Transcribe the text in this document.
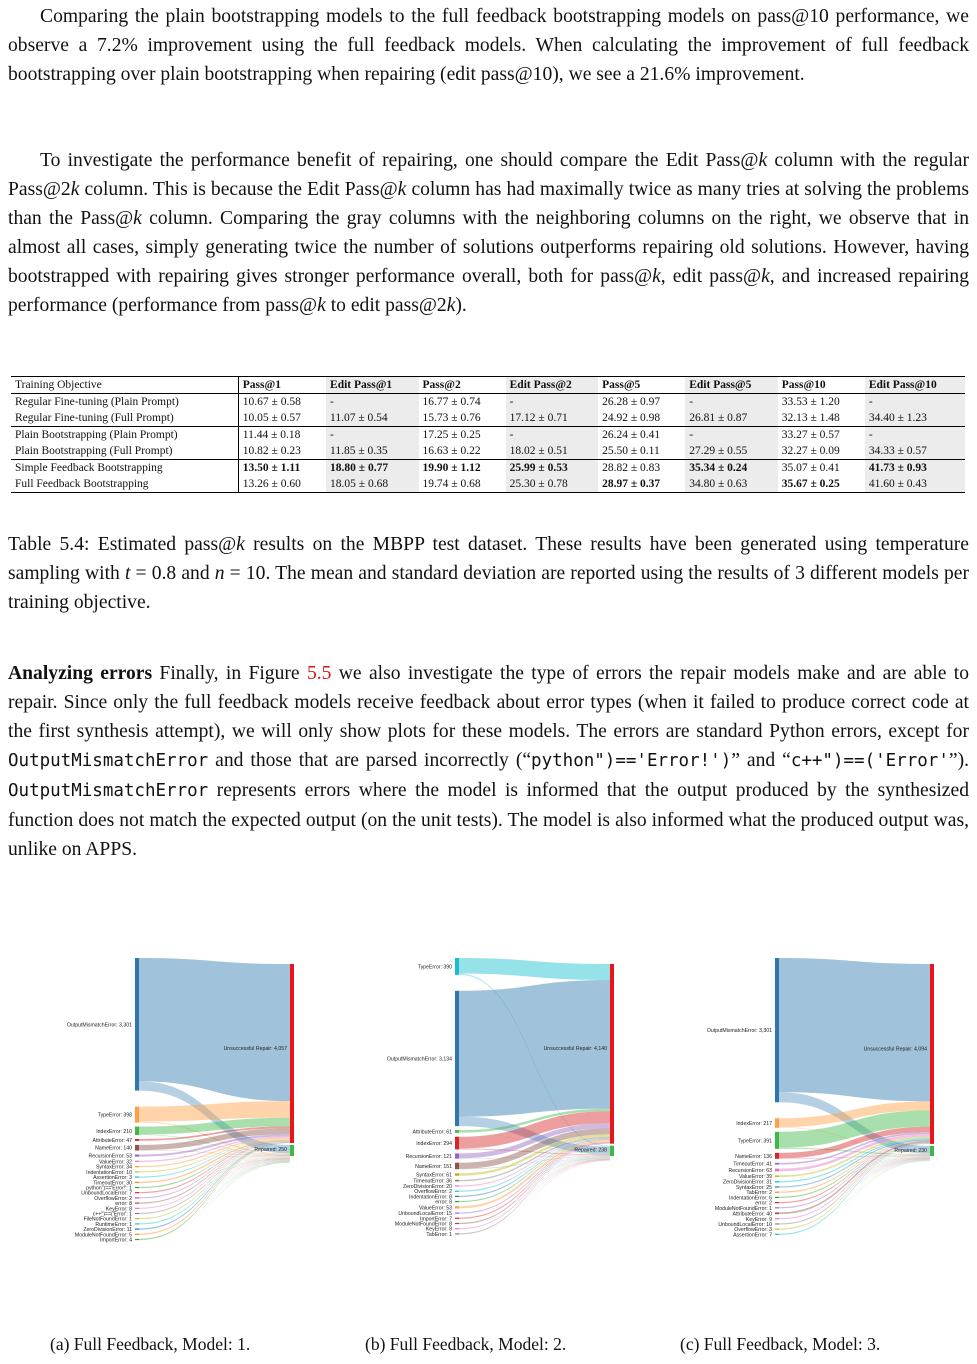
Comparing the plain bootstrapping models to the full feedback bootstrapping models on pass@10 performance, we observe a 7.2% improvement using the full feedback models. When calculating the improvement of full feedback bootstrapping over plain bootstrapping when repairing (edit pass@10), we see a 21.6% improvement.

To investigate the performance benefit of repairing, one should compare the Edit Pass@k column with the regular Pass@2k column. This is because the Edit Pass@k column has had maximally twice as many tries at solving the problems than the Pass@k column. Comparing the gray columns with the neighboring columns on the right, we observe that in almost all cases, simply generating twice the number of solutions outperforms repairing old solutions. However, having bootstrapped with repairing gives stronger performance overall, both for pass@k, edit pass@k, and increased repairing performance (performance from pass@k to edit pass@2k).

Training Objective	Pass@1	Edit Pass@1	Pass@2	Edit Pass@2	Pass@5	Edit Pass@5	Pass@10	Edit Pass@10
Regular Fine-tuning (Plain Prompt)	10.67 ± 0.58	-	16.77 ± 0.74	-	26.28 ± 0.97	-	33.53 ± 1.20	-
Regular Fine-tuning (Full Prompt)	10.05 ± 0.57	11.07 ± 0.54	15.73 ± 0.76	17.12 ± 0.71	24.92 ± 0.98	26.81 ± 0.87	32.13 ± 1.48	34.40 ± 1.23
Plain Bootstrapping (Plain Prompt)	11.44 ± 0.18	-	17.25 ± 0.25	-	26.24 ± 0.41	-	33.27 ± 0.57	-
Plain Bootstrapping (Full Prompt)	10.82 ± 0.23	11.85 ± 0.35	16.63 ± 0.22	18.02 ± 0.51	25.50 ± 0.11	27.29 ± 0.55	32.27 ± 0.09	34.33 ± 0.57
Simple Feedback Bootstrapping	13.50 ± 1.11	18.80 ± 0.77	19.90 ± 1.12	25.99 ± 0.53	28.82 ± 0.83	35.34 ± 0.24	35.07 ± 0.41	41.73 ± 0.93
Full Feedback Bootstrapping	13.26 ± 0.60	18.05 ± 0.68	19.74 ± 0.68	25.30 ± 0.78	28.97 ± 0.37	34.80 ± 0.63	35.67 ± 0.25	41.60 ± 0.43

Table 5.4: Estimated pass@k results on the MBPP test dataset. These results have been generated using temperature sampling with t = 0.8 and n = 10. The mean and standard deviation are reported using the results of 3 different models per training objective.

Analyzing errors Finally, in Figure 5.5 we also investigate the type of errors the repair models make and are able to repair. Since only the full feedback models receive feedback about error types (when it failed to produce correct code at the first synthesis attempt), we will only show plots for these models. The errors are standard Python errors, except for OutputMismatchError and those that are parsed incorrectly (“python")=='Error!')” and “c++")==('Error'”). OutputMismatchError represents errors where the model is informed that the output produced by the synthesized function does not match the expected output (on the unit tests). The model is also informed what the produced output was, unlike on APPS.

OutputMismatchError: 3,301
TypeError: 398
IndexError: 210
AttributeError: 47
NameError: 140
RecursionError: 53
ValueError: 32
SyntaxError: 34
IndentationError: 10
AssertionError: 3
TimeoutError: 30
python")=='Error!': 1
UnboundLocalError: 7
OverflowError: 2
error: 8
KeyError: 8
c++")==('Error': 1
FileNotFoundError: 1
RuntimeError: 1
ZeroDivisionError: 11
ModuleNotFoundError: 5
ImportError: 4
Unsuccessful Repair: 4,057
Repaired: 250
TypeError: 390
OutputMismatchError: 3,134
AttributeError: 61
IndexError: 294
RecursionError: 121
NameError: 151
SyntaxError: 61
TimeoutError: 36
ZeroDivisionError: 20
OverflowError: 2
IndentationError: 8
error: 8
ValueError: 53
UnboundLocalError: 15
ImportError: 7
ModuleNotFoundError: 8
KeyError: 8
TabError: 1
Unsuccessful Repair: 4,140
Repaired: 238
OutputMismatchError: 3,301
IndexError: 217
TypeError: 391
NameError: 136
TimeoutError: 41
RecursionError: 63
ValueError: 39
ZeroDivisionError: 31
SyntaxError: 25
TabError: 2
IndentationError: 6
error: 2
ModuleNotFoundError: 1
AttributeError: 40
KeyError: 9
UnboundLocalError: 10
OverflowError: 3
AssertionError: 7
Unsuccessful Repair: 4,094
Repaired: 230
(a) Full Feedback, Model: 1.	(b) Full Feedback, Model: 2.	(c) Full Feedback, Model: 3.
